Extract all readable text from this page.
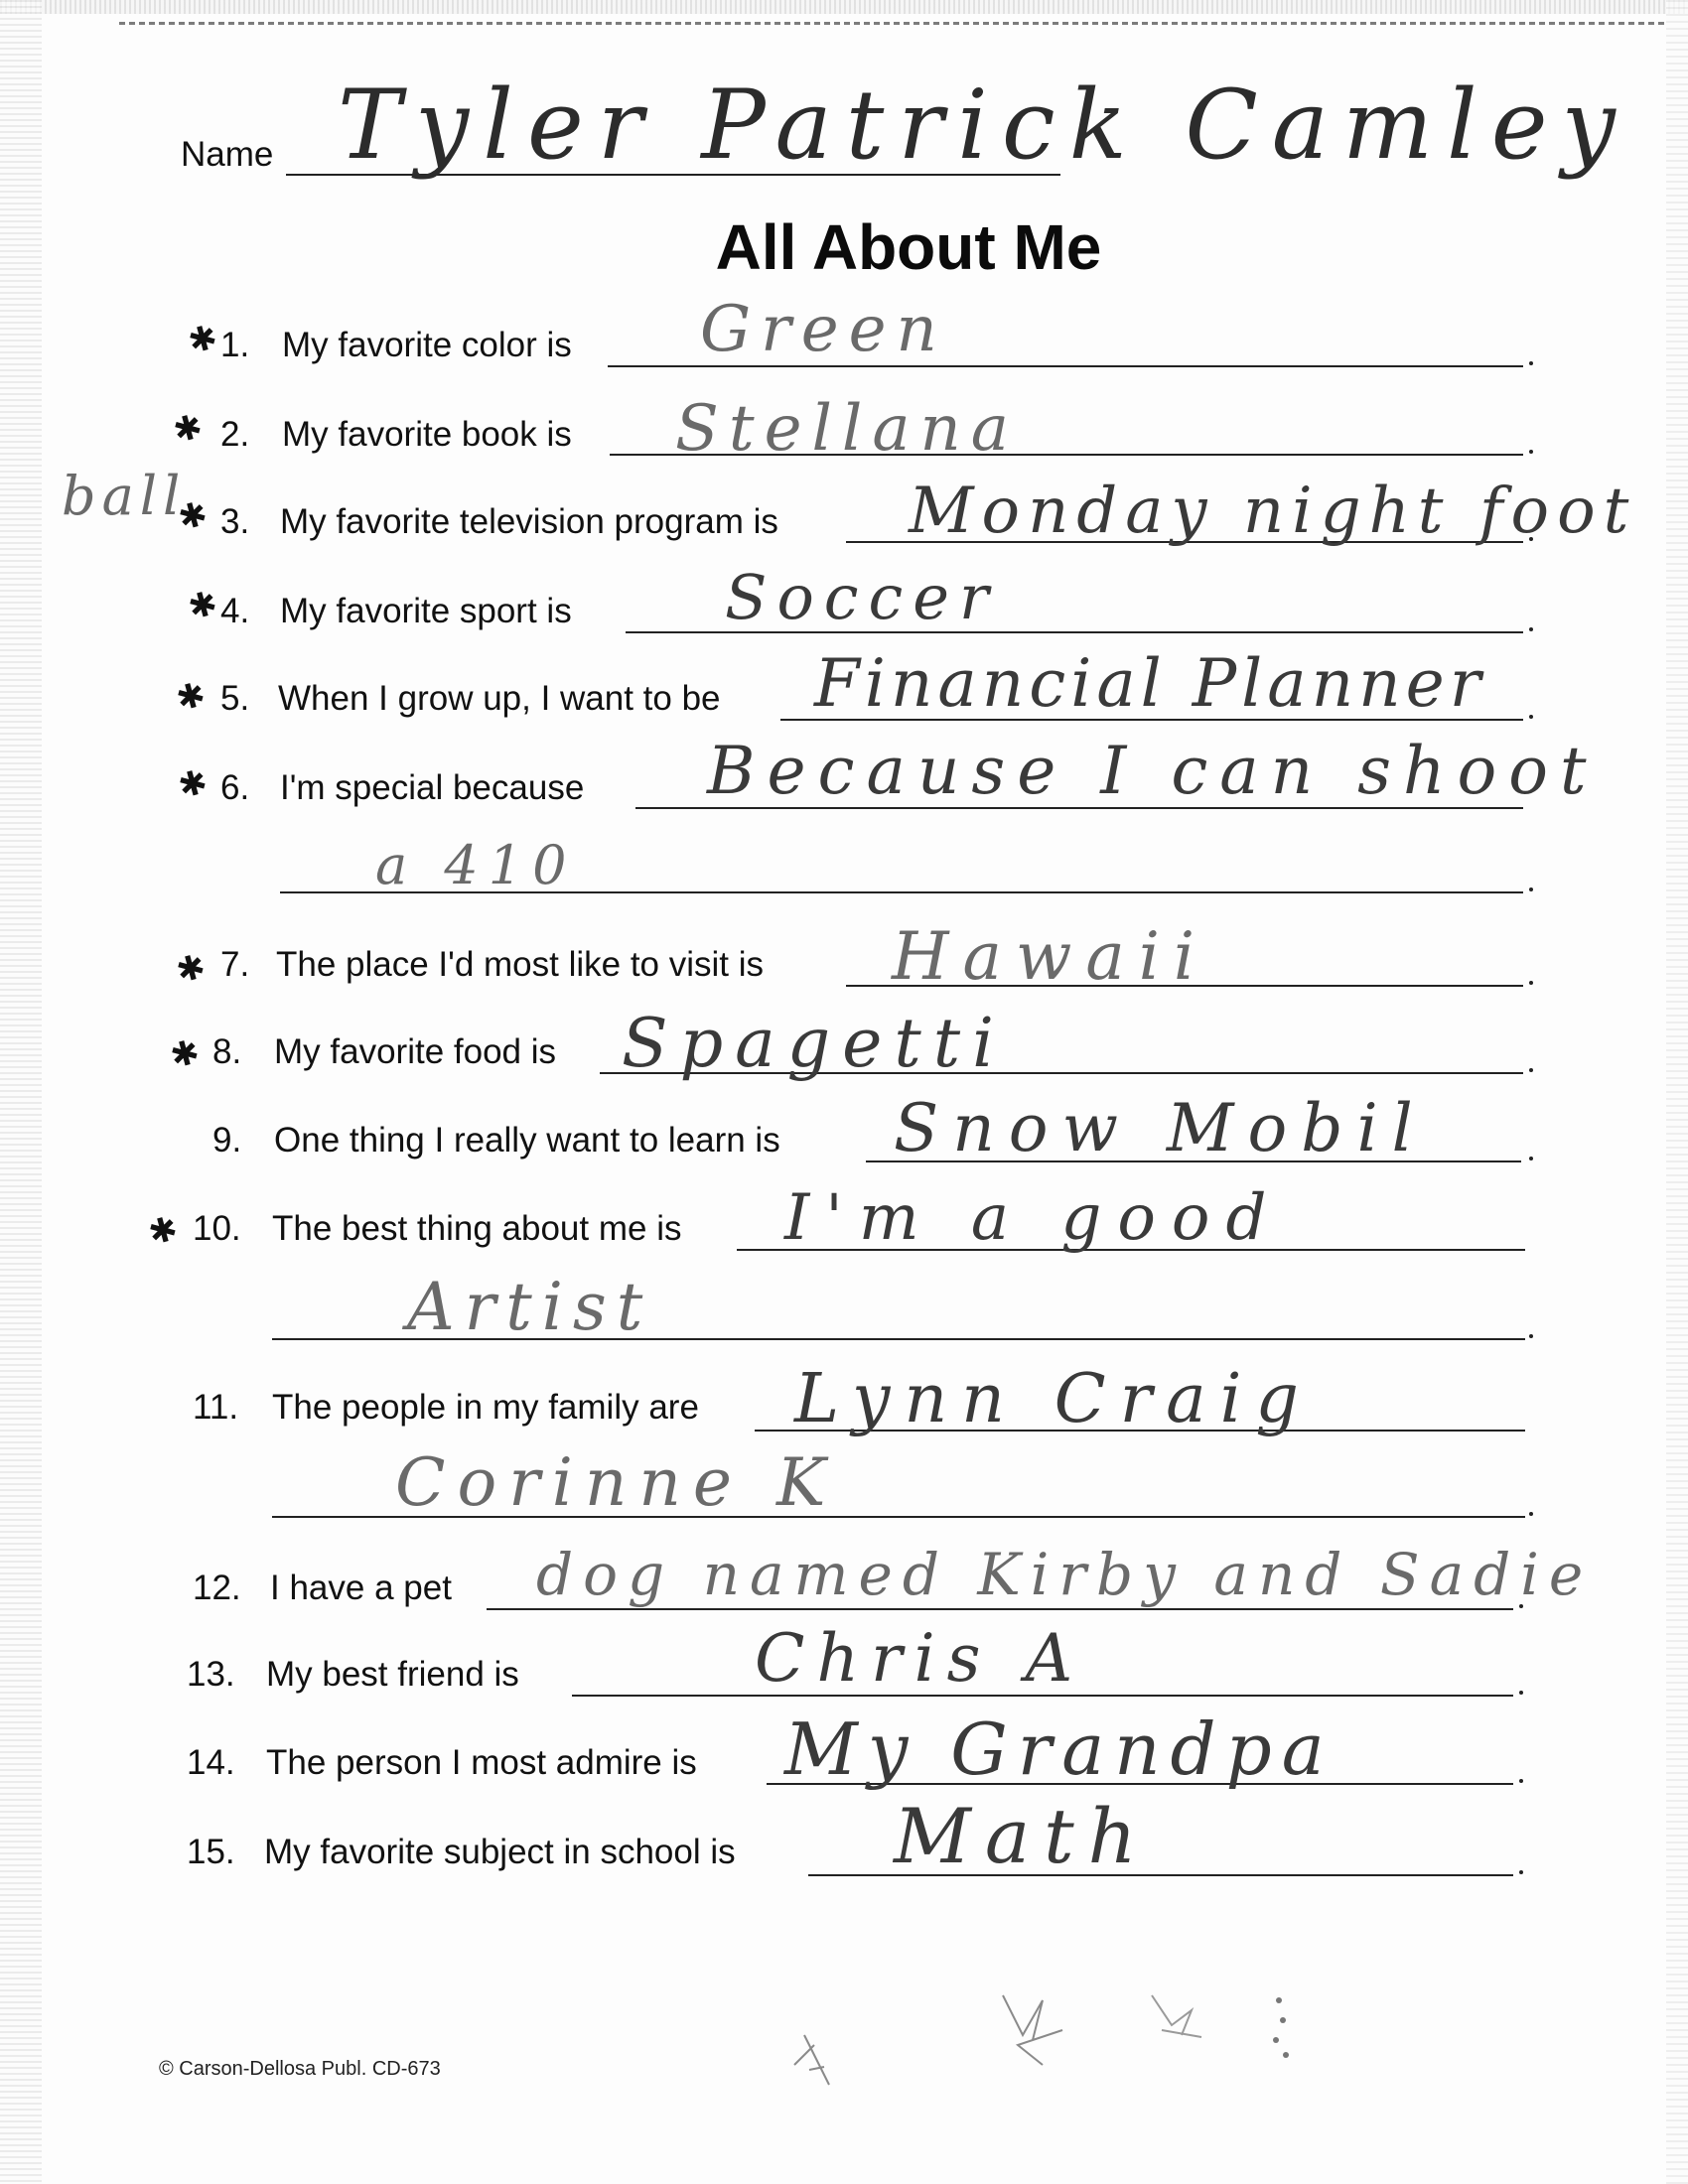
Name Tyler Patrick Camley
All About Me
✱
1. My favorite color is Green
✱ 2. My favorite book is Stellana
ball
✱ 3. My favorite television program is Monday night foot
✱
4. My favorite sport is Soccer
✱ 5. When I grow up, I want to be Financial Planner
✱ 6. I'm special because Because I can shoot
a 410
✱ 7. The place I'd most like to visit is Hawaii
✱ 8. My favorite food is Spagetti
9. One thing I really want to learn is Snow Mobil
✱ 10. The best thing about me is I'm a good
Artist
11. The people in my family are Lynn Craig
Corinne K
12. I have a pet dog named Kirby and Sadie
13. My best friend is	Chris A
14. The person I most admire is My Grandpa
15. My favorite subject in school is Math
© Carson-Dellosa Publ. CD-673
